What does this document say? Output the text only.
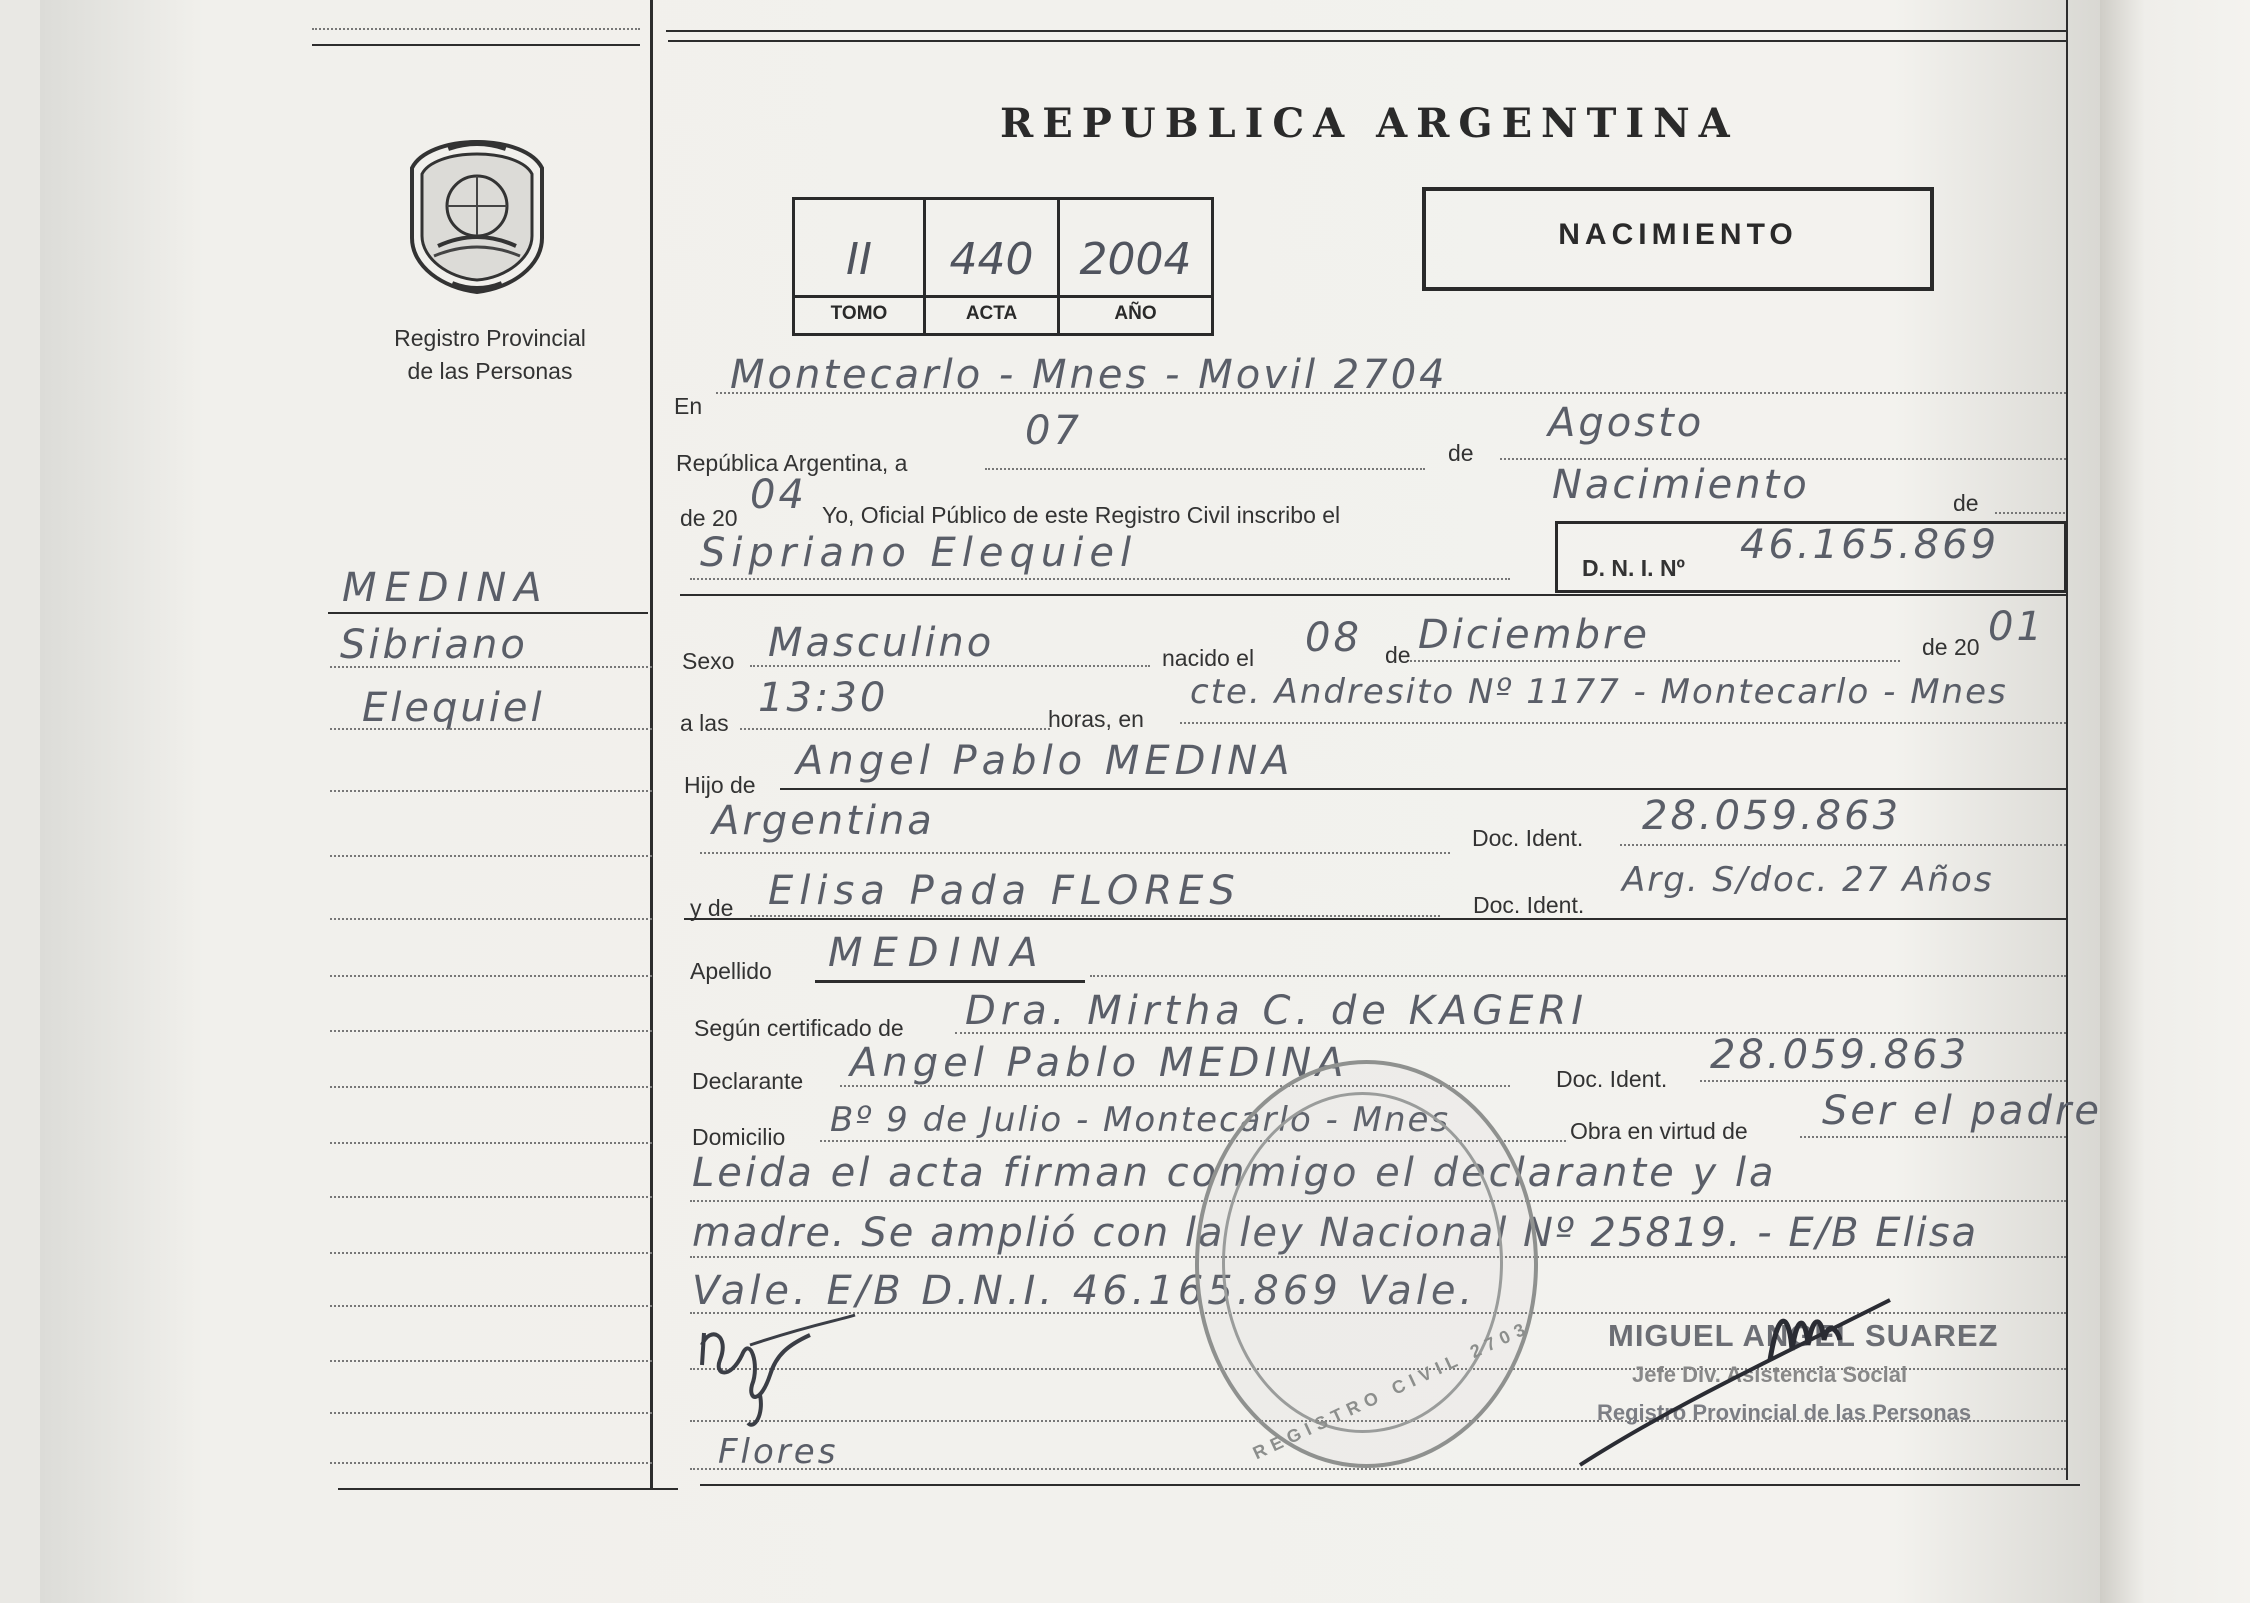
Registro Provincial
de las Personas
MEDINA
Sibriano
Elequiel
REPUBLICA ARGENTINA
II
TOMO
440
ACTA
2004
AÑO
NACIMIENTO
En
Montecarlo - Mnes - Movil 2704
República Argentina, a
07	de
Agosto
de 20 04 Yo, Oficial Público de este Registro Civil inscribo el
Nacimiento	de
Sipriano Elequiel	D. N. I. Nº 46.165.869
Sexo Masculino	nacido el 08 de Diciembre	de 20 01
a las
13:30	horas, en
cte. Andresito Nº 1177 - Montecarlo - Mnes
Hijo de
Angel Pablo MEDINA
Argentina	Doc. Ident. 28.059.863
y de Elisa Pada FLORES	Doc. Ident.
Arg. S/doc. 27 Años
Apellido MEDINA
Según certificado de Dra. Mirtha C. de KAGERI
Declarante Angel Pablo MEDINA	Doc. Ident.
28.059.863
Domicilio Bº 9 de Julio - Montecarlo - Mnes	Obra en virtud de Ser el padre
Leida el acta firman conmigo el declarante y la
madre. Se amplió con la ley Nacional Nº 25819. - E/B Elisa
Vale. E/B D.N.I. 46.165.869 Vale.
REGISTRO CIVIL 2703 MIGUEL ANGEL SUAREZ
Jefe Div. Asistencia Social
Registro Provincial de las Personas
Flores
